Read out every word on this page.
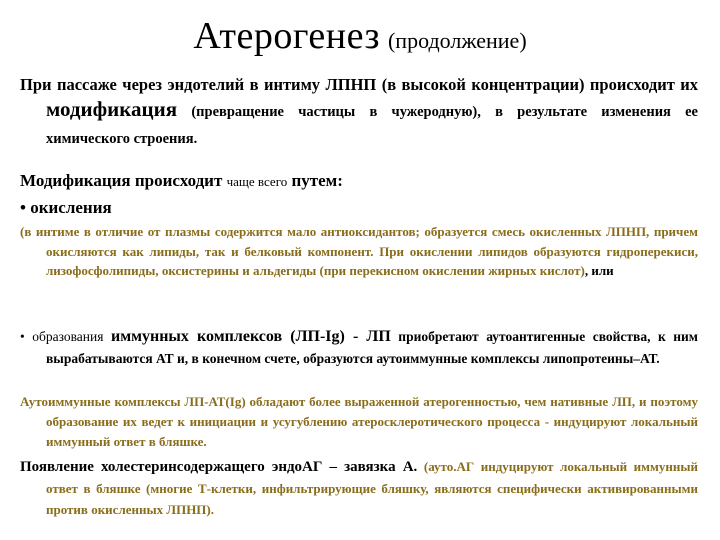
Атерогенез (продолжение)
При пассаже через эндотелий в интиму ЛПНП (в высокой концентрации) происходит их модификация (превращение частицы в чужеродную), в результате изменения ее химического строения.
Модификация происходит чаще всего путем:
• окисления
(в интиме в отличие от плазмы содержится мало антиоксидантов; образуется смесь окисленных ЛПНП, причем окисляются как липиды, так и белковый компонент. При окислении липидов образуются гидроперекиси, лизофосфолипиды, оксистерины и альдегиды (при перекисном окислении жирных кислот), или
• образования иммунных комплексов (ЛП-Ig) - ЛП приобретают аутоантигенные свойства, к ним вырабатываются АТ и, в конечном счете, образуются аутоиммунные комплексы липопротеины–АТ.
Аутоиммунные комплексы ЛП-АТ(Ig) обладают более выраженной атерогенностью, чем нативные ЛП, и поэтому образование их ведет к инициации и усугублению атеросклеротического процесса - индуцируют локальный иммунный ответ в бляшке.
Появление холестеринсодержащего эндоАГ – завязка А. (ауто.АГ индуцируют локальный иммунный ответ в бляшке (многие Т-клетки, инфильтрирующие бляшку, являются специфически активированными против окисленных ЛПНП).
